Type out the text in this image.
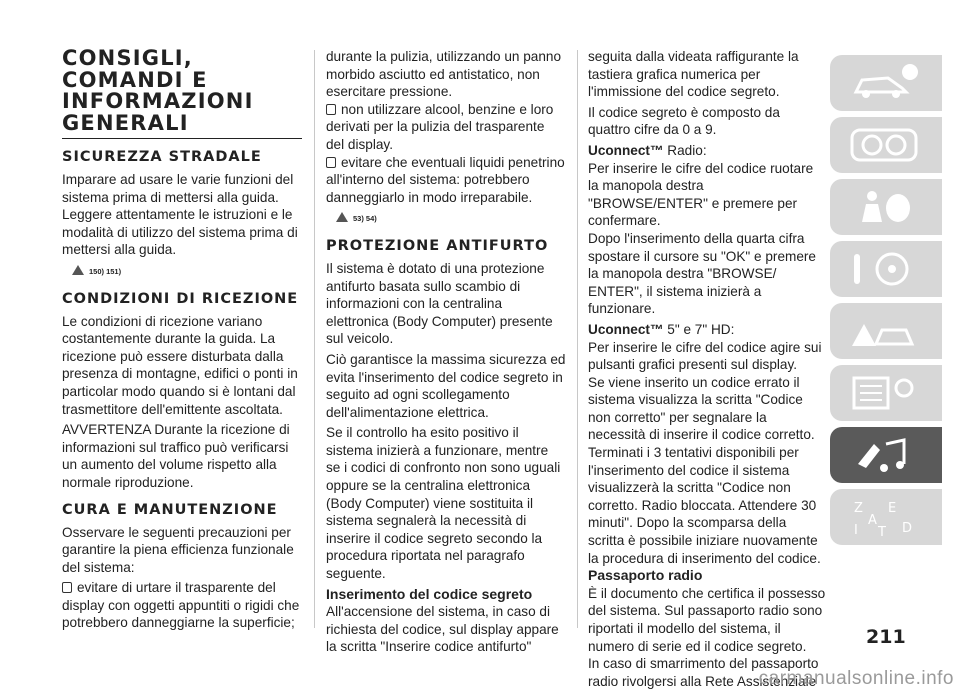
CONSIGLI, COMANDI E INFORMAZIONI GENERALI
SICUREZZA STRADALE

Imparare ad usare le varie funzioni del sistema prima di mettersi alla guida. Leggere attentamente le istruzioni e le modalità di utilizzo del sistema prima di mettersi alla guida.

150) 151)
CONDIZIONI DI RICEZIONE

Le condizioni di ricezione variano costantemente durante la guida. La ricezione può essere disturbata dalla presenza di montagne, edifici o ponti in particolar modo quando si è lontani dal trasmettitore dell'emittente ascoltata.

AVVERTENZA Durante la ricezione di informazioni sul traffico può verificarsi un aumento del volume rispetto alla normale riproduzione.

CURA E MANUTENZIONE

Osservare le seguenti precauzioni per garantire la piena efficienza funzionale del sistema:

evitare di urtare il trasparente del display con oggetti appuntiti o rigidi che potrebbero danneggiarne la superficie;

durante la pulizia, utilizzando un panno morbido asciutto ed antistatico, non esercitare pressione.

non utilizzare alcool, benzine e loro derivati per la pulizia del trasparente del display.

evitare che eventuali liquidi penetrino all'interno del sistema: potrebbero danneggiarlo in modo irreparabile.

53) 54)
PROTEZIONE ANTIFURTO

Il sistema è dotato di una protezione antifurto basata sullo scambio di informazioni con la centralina elettronica (Body Computer) presente sul veicolo.

Ciò garantisce la massima sicurezza ed evita l'inserimento del codice segreto in seguito ad ogni scollegamento dell'alimentazione elettrica.

Se il controllo ha esito positivo il sistema inizierà a funzionare, mentre se i codici di confronto non sono uguali oppure se la centralina elettronica (Body Computer) viene sostituita il sistema segnalerà la necessità di inserire il codice segreto secondo la procedura riportata nel paragrafo seguente.

Inserimento del codice segreto

All'accensione del sistema, in caso di richiesta del codice, sul display appare la scritta "Inserire codice antifurto"

seguita dalla videata raffigurante la tastiera grafica numerica per l'immissione del codice segreto.

Il codice segreto è composto da quattro cifre da 0 a 9.

Uconnect™ Radio:

Per inserire le cifre del codice ruotare la manopola destra "BROWSE/ENTER" e premere per confermare.

Dopo l'inserimento della quarta cifra spostare il cursore su "OK" e premere la manopola destra "BROWSE/ ENTER", il sistema inizierà a funzionare.

Uconnect™ 5" e 7" HD:

Per inserire le cifre del codice agire sui pulsanti grafici presenti sul display.

Se viene inserito un codice errato il sistema visualizza la scritta "Codice non corretto" per segnalare la necessità di inserire il codice corretto.

Terminati i 3 tentativi disponibili per l'inserimento del codice il sistema visualizzerà la scritta "Codice non corretto. Radio bloccata. Attendere 30 minuti". Dopo la scomparsa della scritta è possibile iniziare nuovamente la procedura di inserimento del codice.

Passaporto radio

È il documento che certifica il possesso del sistema. Sul passaporto radio sono riportati il modello del sistema, il numero di serie ed il codice segreto.

In caso di smarrimento del passaporto radio rivolgersi alla Rete Assistenziale

Z E
A
I T D
211
carmanualsonline.info
